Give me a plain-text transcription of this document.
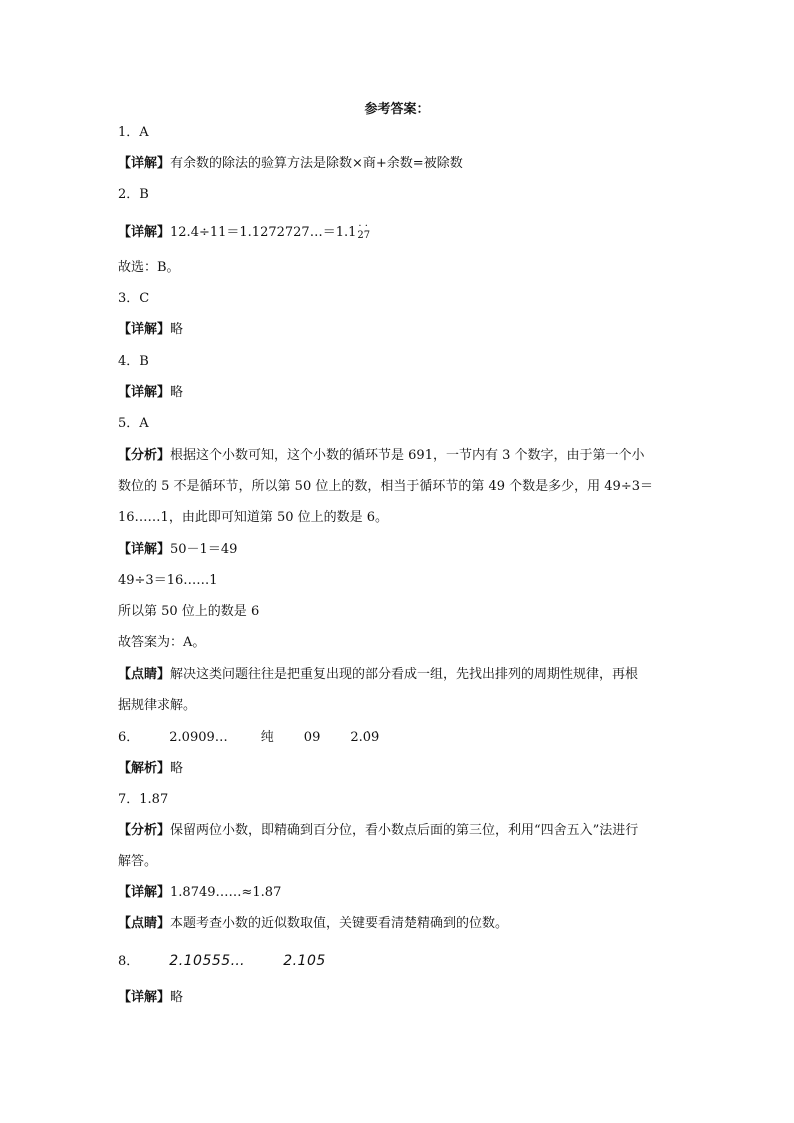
参考答案：
1．A
【详解】有余数的除法的验算方法是除数×商+余数=被除数
2．B
【详解】12.4÷11＝1.1272727…＝1.1· 2· 7
故选：B。
3．C
【详解】略
4．B
【详解】略
5．A
【分析】根据这个小数可知，这个小数的循环节是 691，一节内有 3 个数字，由于第一个小
数位的 5 不是循环节，所以第 50 位上的数，相当于循环节的第 49 个数是多少，用 49÷3＝
16……1，由此即可知道第 50 位上的数是 6。
【详解】50－1＝49
49÷3＝16……1
所以第 50 位上的数是 6
故答案为：A。
【点睛】解决这类问题往往是把重复出现的部分看成一组，先找出排列的周期性规律，再根
据规律求解。
6． 2.0909…	纯 09 2.0̇9̇
【解析】略
7．1.87
【分析】保留两位小数，即精确到百分位，看小数点后面的第三位，利用“四舍五入”法进行
解答。
【详解】1.8749……≈1.87
【点睛】本题考查小数的近似数取值，关键要看清楚精确到的位数。
8． 2.10555…	2.105
【详解】略
